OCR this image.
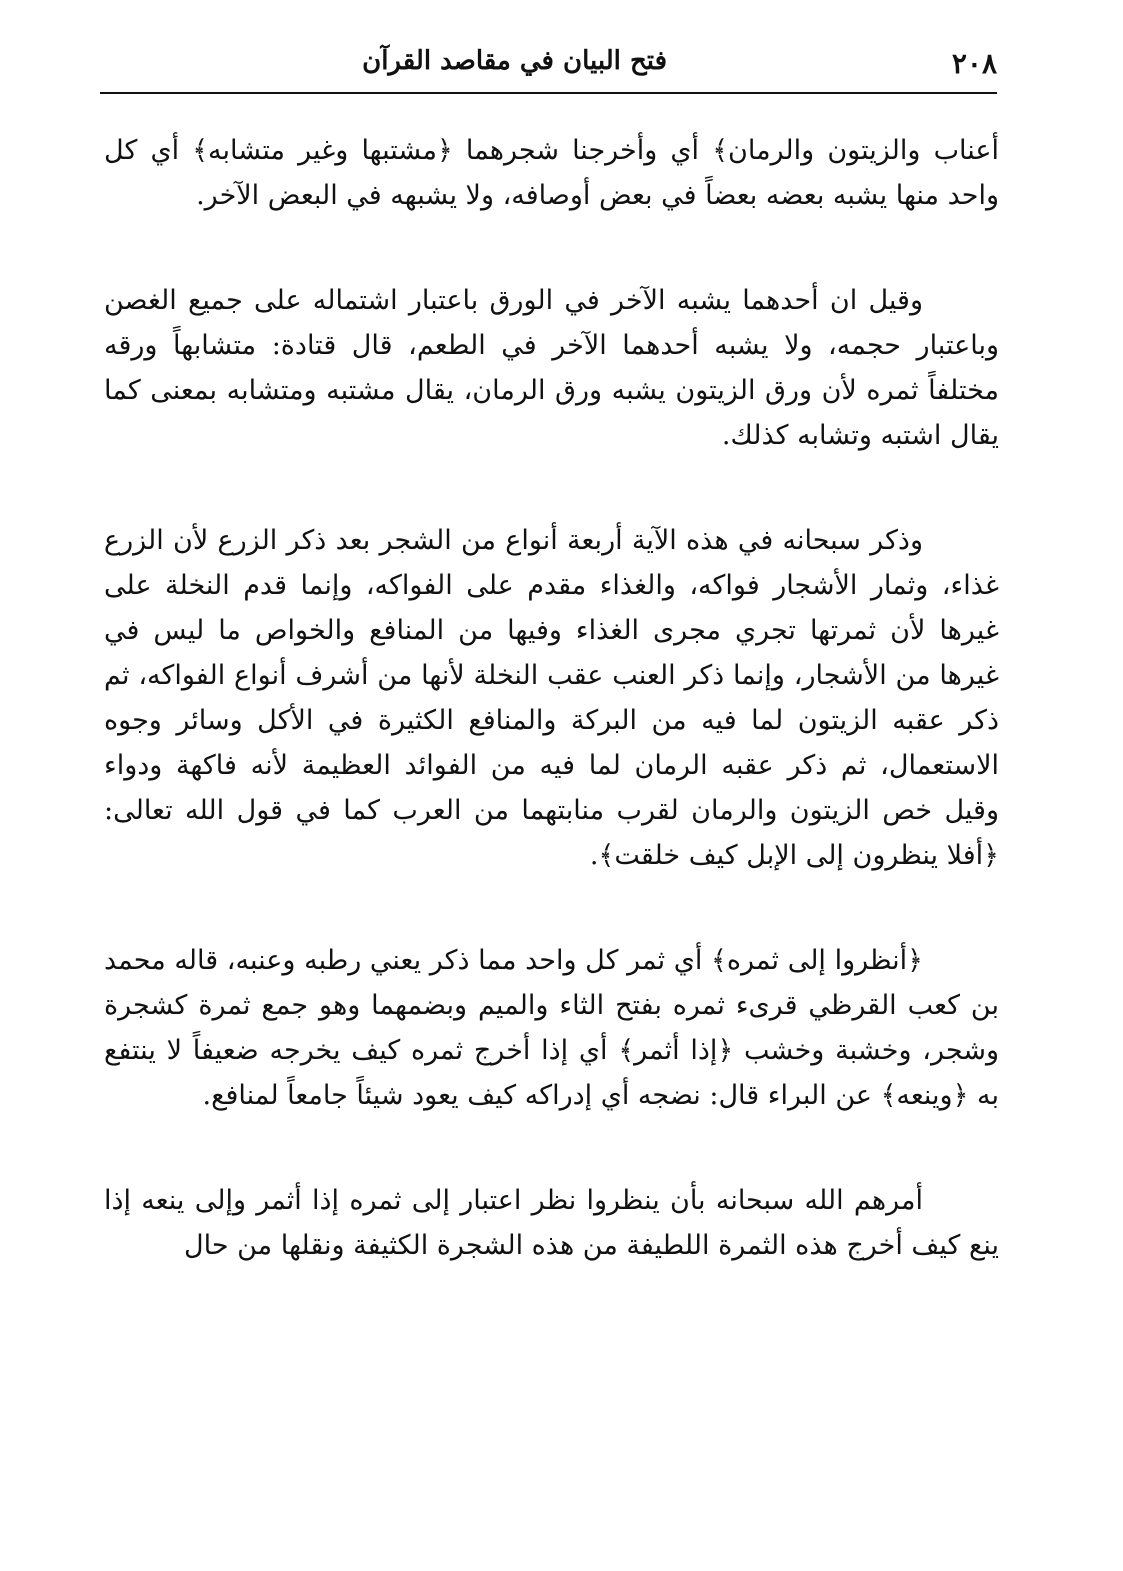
٢٠٨
فتح البيان في مقاصد القرآن

أعناب والزيتون والرمان﴾ أي وأخرجنا شجرهما ﴿مشتبها وغير متشابه﴾ أي كل واحد منها يشبه بعضه بعضاً في بعض أوصافه، ولا يشبهه في البعض الآخر.

وقيل ان أحدهما يشبه الآخر في الورق باعتبار اشتماله على جميع الغصن وباعتبار حجمه، ولا يشبه أحدهما الآخر في الطعم، قال قتادة: متشابهاً ورقه مختلفاً ثمره لأن ورق الزيتون يشبه ورق الرمان، يقال مشتبه ومتشابه بمعنى كما يقال اشتبه وتشابه كذلك.

وذكر سبحانه في هذه الآية أربعة أنواع من الشجر بعد ذكر الزرع لأن الزرع غذاء، وثمار الأشجار فواكه، والغذاء مقدم على الفواكه، وإنما قدم النخلة على غيرها لأن ثمرتها تجري مجرى الغذاء وفيها من المنافع والخواص ما ليس في غيرها من الأشجار، وإنما ذكر العنب عقب النخلة لأنها من أشرف أنواع الفواكه، ثم ذكر عقبه الزيتون لما فيه من البركة والمنافع الكثيرة في الأكل وسائر وجوه الاستعمال، ثم ذكر عقبه الرمان لما فيه من الفوائد العظيمة لأنه فاكهة ودواء وقيل خص الزيتون والرمان لقرب منابتهما من العرب كما في قول الله تعالى: ﴿أفلا ينظرون إلى الإبل كيف خلقت﴾.

﴿أنظروا إلى ثمره﴾ أي ثمر كل واحد مما ذكر يعني رطبه وعنبه، قاله محمد بن كعب القرظي قرىء ثمره بفتح الثاء والميم وبضمهما وهو جمع ثمرة كشجرة وشجر، وخشبة وخشب ﴿إذا أثمر﴾ أي إذا أخرج ثمره كيف يخرجه ضعيفاً لا ينتفع به ﴿وينعه﴾ عن البراء قال: نضجه أي إدراكه كيف يعود شيئاً جامعاً لمنافع.

أمرهم الله سبحانه بأن ينظروا نظر اعتبار إلى ثمره إذا أثمر وإلى ينعه إذا ينع كيف أخرج هذه الثمرة اللطيفة من هذه الشجرة الكثيفة ونقلها من حال
